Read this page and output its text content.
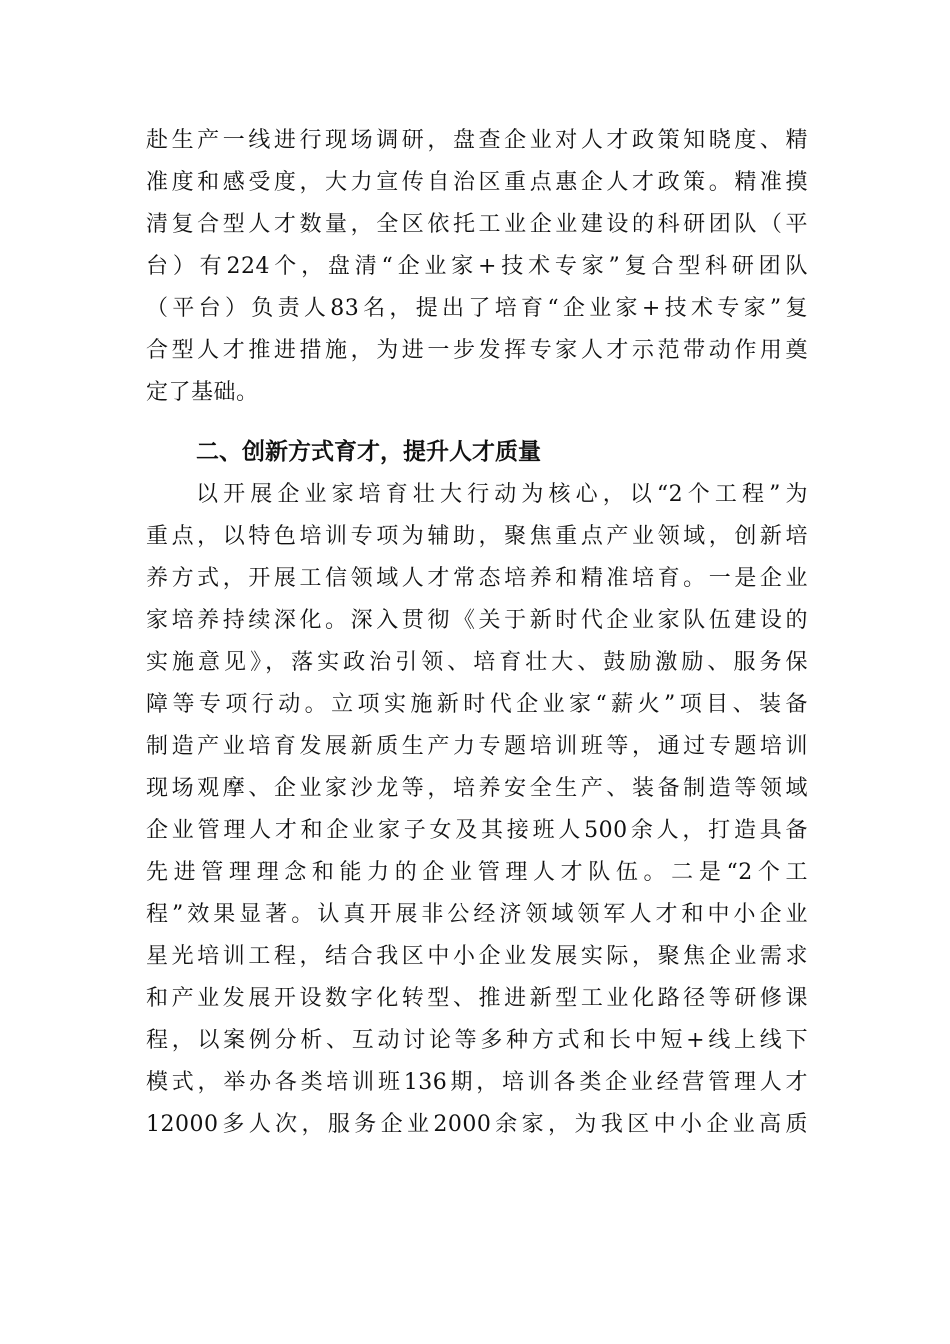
赴生产一线进行现场调研，盘查企业对人才政策知晓度、精
准度和感受度，大力宣传自治区重点惠企人才政策。精准摸
清复合型人才数量，全区依托工业企业建设的科研团队（平
台）有224个，盘清“企业家+技术专家”复合型科研团队
（平台）负责人83名，提出了培育“企业家+技术专家”复
合型人才推进措施，为进一步发挥专家人才示范带动作用奠
定了基础。
二、创新方式育才，提升人才质量
以开展企业家培育壮大行动为核心，以“2个工程”为
重点，以特色培训专项为辅助，聚焦重点产业领域，创新培
养方式，开展工信领域人才常态培养和精准培育。一是企业
家培养持续深化。深入贯彻《关于新时代企业家队伍建设的
实施意见》，落实政治引领、培育壮大、鼓励激励、服务保
障等专项行动。立项实施新时代企业家“薪火”项目、装备
制造产业培育发展新质生产力专题培训班等，通过专题培训
现场观摩、企业家沙龙等，培养安全生产、装备制造等领域
企业管理人才和企业家子女及其接班人500余人，打造具备
先进管理理念和能力的企业管理人才队伍。二是“2个工
程”效果显著。认真开展非公经济领域领军人才和中小企业
星光培训工程，结合我区中小企业发展实际，聚焦企业需求
和产业发展开设数字化转型、推进新型工业化路径等研修课
程，以案例分析、互动讨论等多种方式和长中短+线上线下
模式，举办各类培训班136期，培训各类企业经营管理人才
12000多人次，服务企业2000余家，为我区中小企业高质
